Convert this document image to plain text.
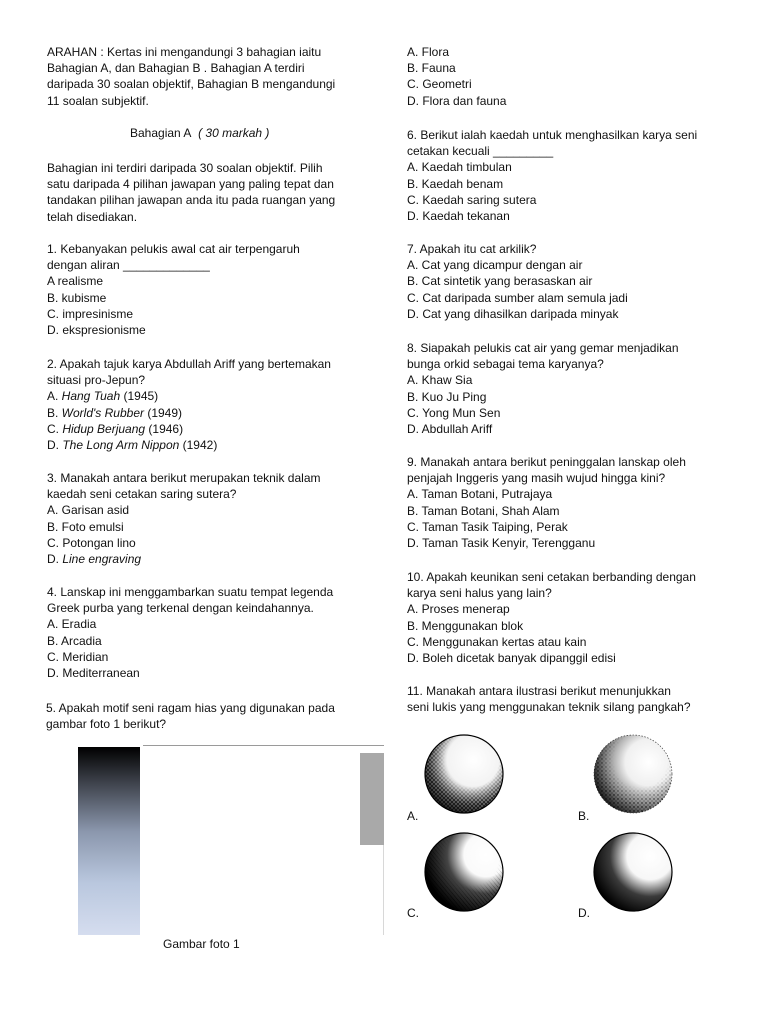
ARAHAN : Kertas ini mengandungi 3 bahagian iaitu
Bahagian A, dan Bahagian B . Bahagian A terdiri
daripada 30 soalan objektif, Bahagian B mengandungi
11 soalan subjektif.
Bahagian ini terdiri daripada 30 soalan objektif. Pilih
satu daripada 4 pilihan jawapan yang paling tepat dan
tandakan pilihan jawapan anda itu pada ruangan yang
telah disediakan.
1. Kebanyakan pelukis awal cat air terpengaruh
dengan aliran _____________
A realisme
B. kubisme
C. impresinisme
D. ekspresionisme
2. Apakah tajuk karya Abdullah Ariff yang bertemakan
situasi pro-Jepun?
A. Hang Tuah (1945)
B. World's Rubber (1949)
C. Hidup Berjuang (1946)
D. The Long Arm Nippon (1942)
3. Manakah antara berikut merupakan teknik dalam
kaedah seni cetakan saring sutera?
A. Garisan asid
B. Foto emulsi
C. Potongan lino
D. Line engraving
4. Lanskap ini menggambarkan suatu tempat legenda
Greek purba yang terkenal dengan keindahannya.
A. Eradia
B. Arcadia
C. Meridian
D. Mediterranean
5. Apakah motif seni ragam hias yang digunakan pada
gambar foto 1 berikut?
Bahagian A ( 30 markah )
Gambar foto 1
A. Flora
B. Fauna
C. Geometri
D. Flora dan fauna
6. Berikut ialah kaedah untuk menghasilkan karya seni
cetakan kecuali _________
A. Kaedah timbulan
B. Kaedah benam
C. Kaedah saring sutera
D. Kaedah tekanan
7. Apakah itu cat arkilik?
A. Cat yang dicampur dengan air
B. Cat sintetik yang berasaskan air
C. Cat daripada sumber alam semula jadi
D. Cat yang dihasilkan daripada minyak
8. Siapakah pelukis cat air yang gemar menjadikan
bunga orkid sebagai tema karyanya?
A. Khaw Sia
B. Kuo Ju Ping
C. Yong Mun Sen
D. Abdullah Ariff
9. Manakah antara berikut peninggalan lanskap oleh
penjajah Inggeris yang masih wujud hingga kini?
A. Taman Botani, Putrajaya
B. Taman Botani, Shah Alam
C. Taman Tasik Taiping, Perak
D. Taman Tasik Kenyir, Terengganu
10. Apakah keunikan seni cetakan berbanding dengan
karya seni halus yang lain?
A. Proses menerap
B. Menggunakan blok
C. Menggunakan kertas atau kain
D. Boleh dicetak banyak dipanggil edisi
11. Manakah antara ilustrasi berikut menunjukkan
seni lukis yang menggunakan teknik silang pangkah?
A.	B.
C.	D.
